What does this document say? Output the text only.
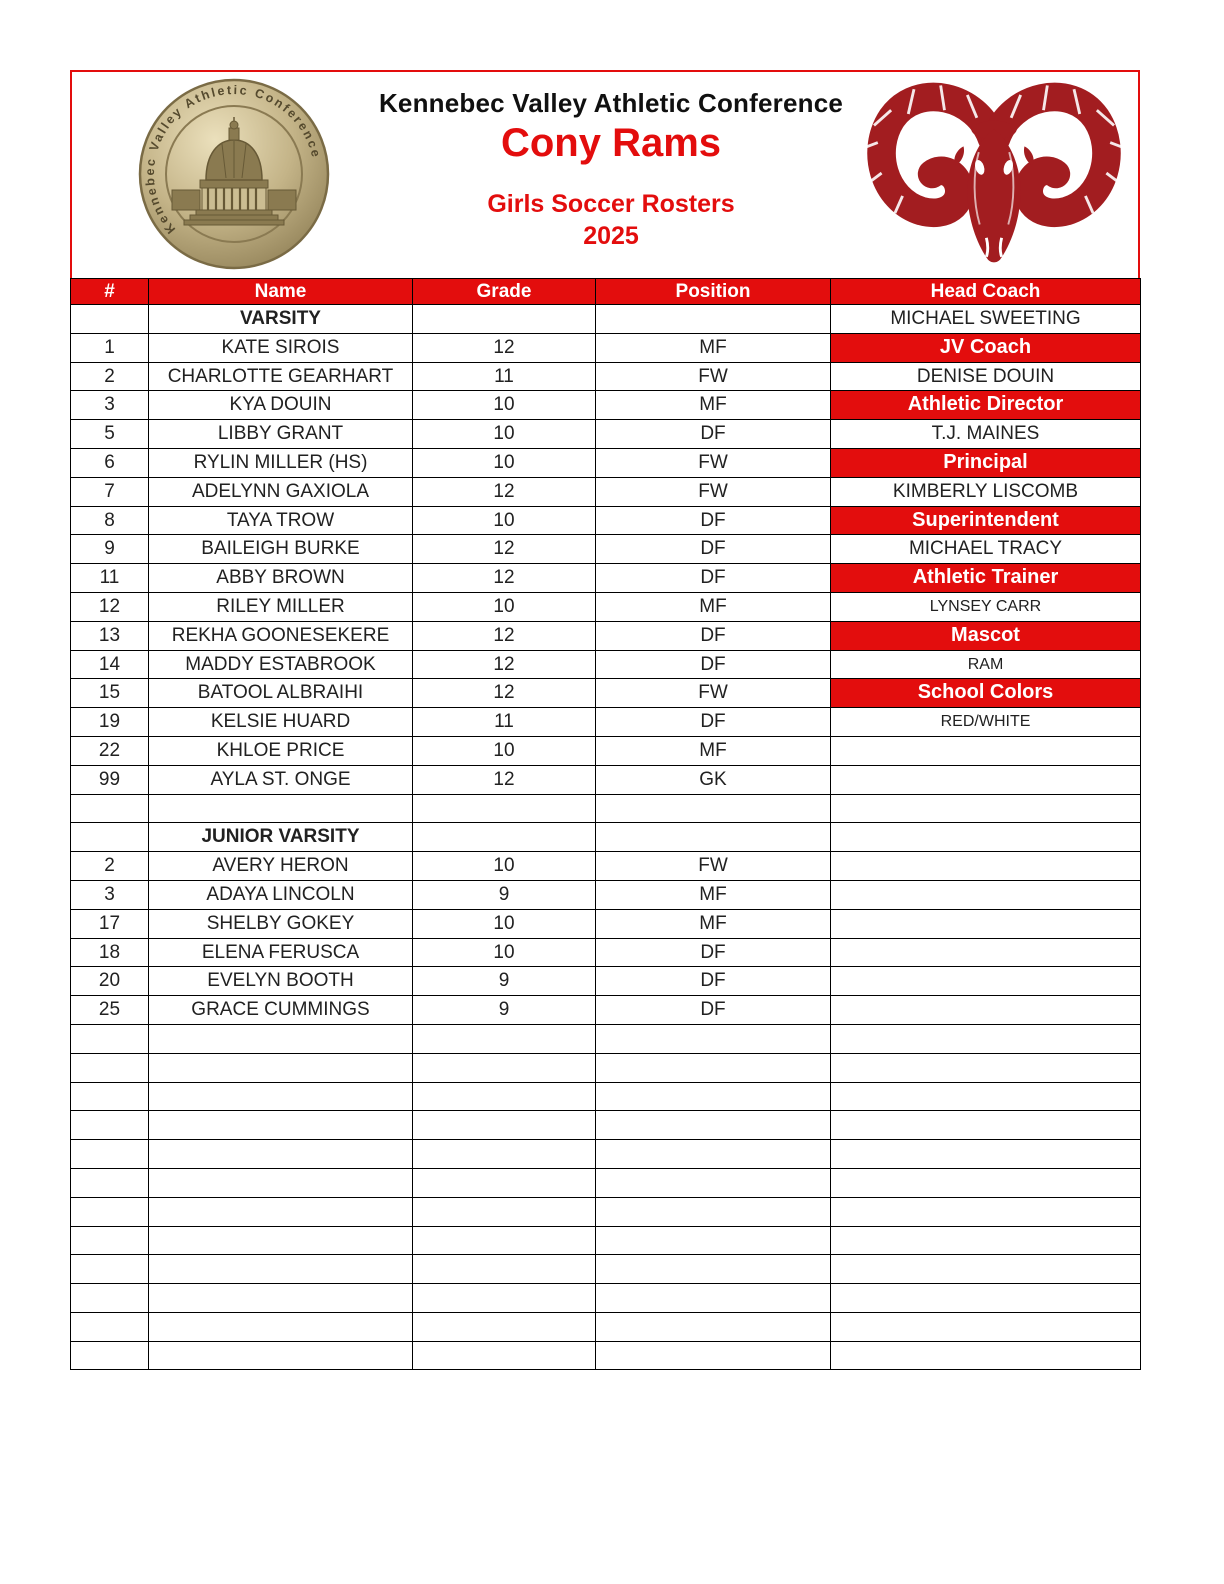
Kennebec Valley Athletic Conference
Kennebec Valley Athletic Conference
Cony Rams
Girls Soccer Rosters
2025
#	Name	Grade	Position	Head Coach
	VARSITY			MICHAEL SWEETING
1	KATE SIROIS	12	MF	JV Coach
2	CHARLOTTE GEARHART	11	FW	DENISE DOUIN
3	KYA DOUIN	10	MF	Athletic Director
5	LIBBY GRANT	10	DF	T.J. MAINES
6	RYLIN MILLER (HS)	10	FW	Principal
7	ADELYNN GAXIOLA	12	FW	KIMBERLY LISCOMB
8	TAYA TROW	10	DF	Superintendent
9	BAILEIGH BURKE	12	DF	MICHAEL TRACY
11	ABBY BROWN	12	DF	Athletic Trainer
12	RILEY MILLER	10	MF	LYNSEY CARR
13	REKHA GOONESEKERE	12	DF	Mascot
14	MADDY ESTABROOK	12	DF	RAM
15	BATOOL ALBRAIHI	12	FW	School Colors
19	KELSIE HUARD	11	DF	RED/WHITE
22	KHLOE PRICE	10	MF	
99	AYLA ST. ONGE	12	GK	

	JUNIOR VARSITY			
2	AVERY HERON	10	FW	
3	ADAYA LINCOLN	9	MF	
17	SHELBY GOKEY	10	MF	
18	ELENA FERUSCA	10	DF	
20	EVELYN BOOTH	9	DF	
25	GRACE CUMMINGS	9	DF	
